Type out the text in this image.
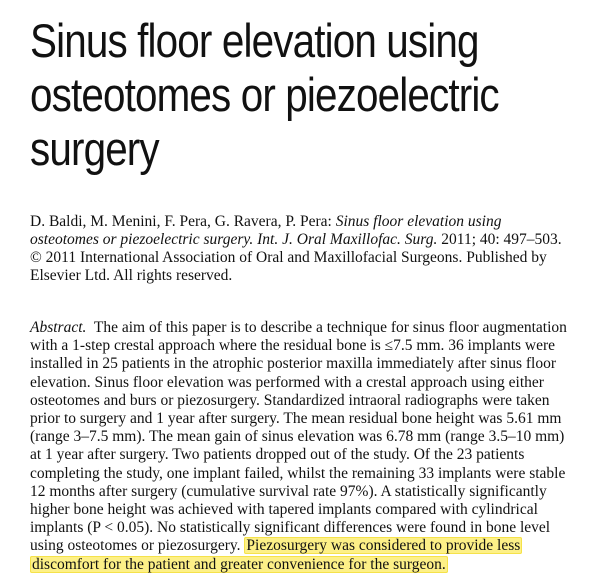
Sinus floor elevation using
osteotomes or piezoelectric
surgery
D. Baldi, M. Menini, F. Pera, G. Ravera, P. Pera: Sinus floor elevation using
osteotomes or piezoelectric surgery. Int. J. Oral Maxillofac. Surg. 2011; 40: 497–503.
© 2011 International Association of Oral and Maxillofacial Surgeons. Published by
Elsevier Ltd. All rights reserved.
Abstract.  The aim of this paper is to describe a technique for sinus floor augmentation
with a 1-step crestal approach where the residual bone is ≤7.5 mm. 36 implants were
installed in 25 patients in the atrophic posterior maxilla immediately after sinus floor
elevation. Sinus floor elevation was performed with a crestal approach using either
osteotomes and burs or piezosurgery. Standardized intraoral radiographs were taken
prior to surgery and 1 year after surgery. The mean residual bone height was 5.61 mm
(range 3–7.5 mm). The mean gain of sinus elevation was 6.78 mm (range 3.5–10 mm)
at 1 year after surgery. Two patients dropped out of the study. Of the 23 patients
completing the study, one implant failed, whilst the remaining 33 implants were stable
12 months after surgery (cumulative survival rate 97%). A statistically significantly
higher bone height was achieved with tapered implants compared with cylindrical
implants (P < 0.05). No statistically significant differences were found in bone level
using osteotomes or piezosurgery. Piezosurgery was considered to provide less
discomfort for the patient and greater convenience for the surgeon.
